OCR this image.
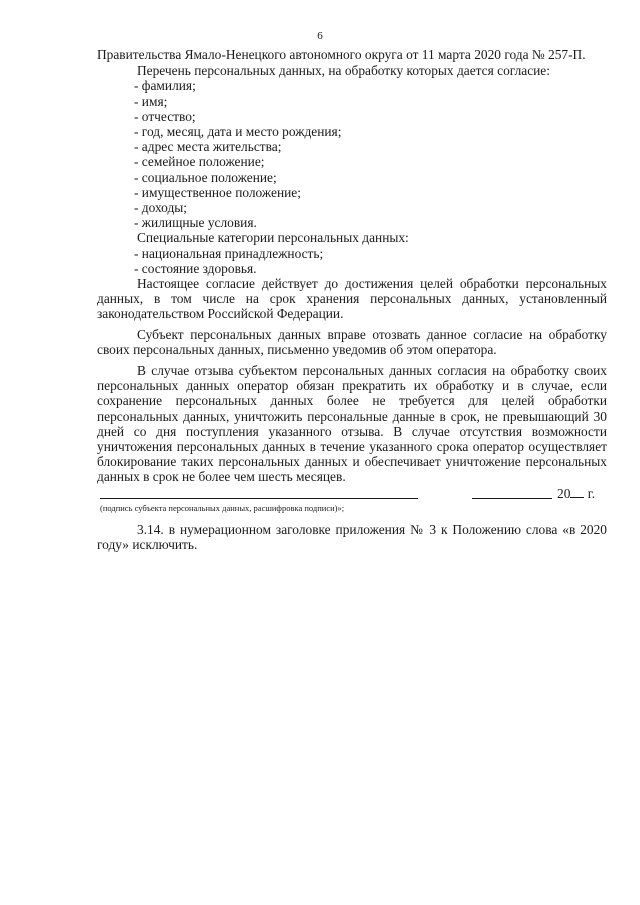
6

Правительства Ямало-Ненецкого автономного округа от 11 марта 2020 года № 257-П.

Перечень персональных данных, на обработку которых дается согласие:

- фамилия;
- имя;
- отчество;
- год, месяц, дата и место рождения;
- адрес места жительства;
- семейное положение;
- социальное положение;
- имущественное положение;
- доходы;
- жилищные условия.

Специальные категории персональных данных:

- национальная принадлежность;
- состояние здоровья.

Настоящее согласие действует до достижения целей обработки персональных данных, в том числе на срок хранения персональных данных, установленный законодательством Российской Федерации.

Субъект персональных данных вправе отозвать данное согласие на обработку своих персональных данных, письменно уведомив об этом оператора.

В случае отзыва субъектом персональных данных согласия на обработку своих персональных данных оператор обязан прекратить их обработку и в случае, если сохранение персональных данных более не требуется для целей обработки персональных данных, уничтожить персональные данные в срок, не превышающий 30 дней со дня поступления указанного отзыва. В случае отсутствия возможности уничтожения персональных данных в течение указанного срока оператор осуществляет блокирование таких персональных данных и обеспечивает уничтожение персональных данных в срок не более чем шесть месяцев.

20 г.
(подпись субъекта персональных данных, расшифровка подписи)»;

3.14. в нумерационном заголовке приложения № 3 к Положению слова «в 2020 году» исключить.
